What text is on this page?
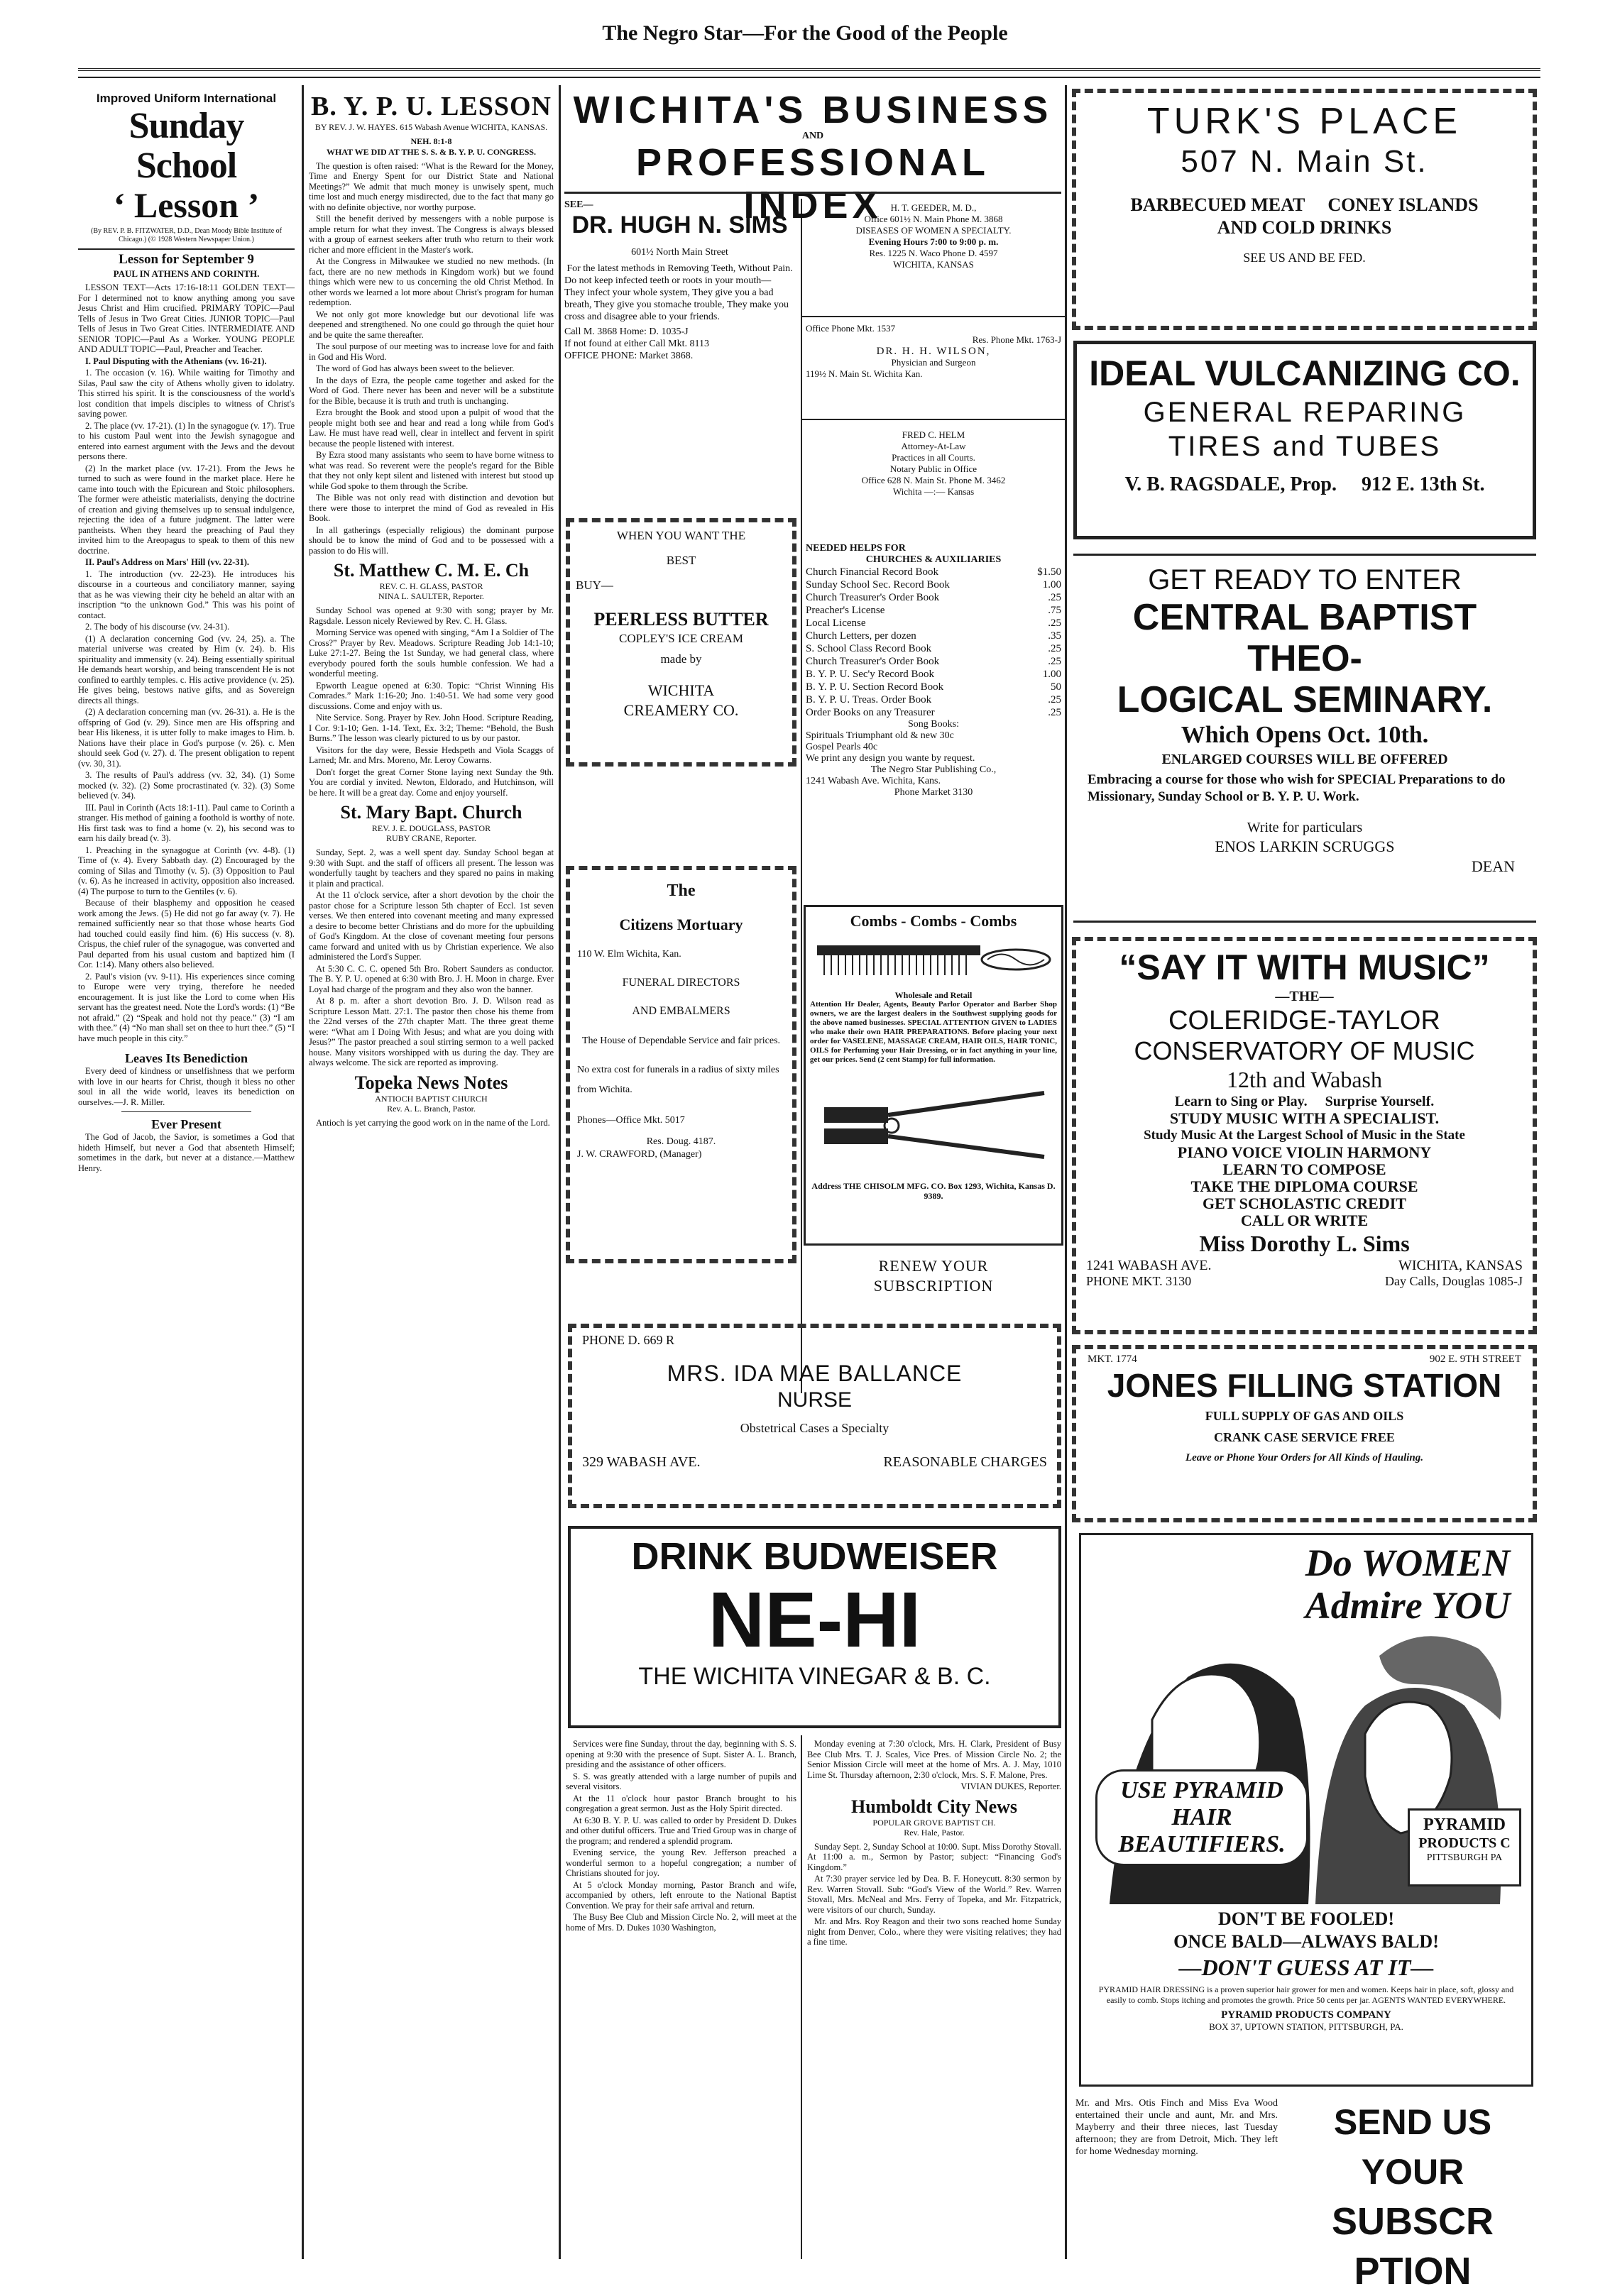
The Negro Star—For the Good of the People
Improved Uniform International
Sunday School
‘ Lesson ’
(By REV. P. B. FITZWATER, D.D., Dean Moody Bible Institute of Chicago.) (© 1928 Western Newspaper Union.)
Lesson for September 9
PAUL IN ATHENS AND CORINTH.

LESSON TEXT—Acts 17:16-18:11 GOLDEN TEXT—For I determined not to know anything among you save Jesus Christ and Him crucified. PRIMARY TOPIC—Paul Tells of Jesus in Two Great Cities. JUNIOR TOPIC—Paul Tells of Jesus in Two Great Cities. INTERMEDIATE AND SENIOR TOPIC—Paul As a Worker. YOUNG PEOPLE AND ADULT TOPIC—Paul, Preacher and Teacher.

I. Paul Disputing with the Athenians (vv. 16-21).

1. The occasion (v. 16). While waiting for Timothy and Silas, Paul saw the city of Athens wholly given to idolatry. This stirred his spirit. It is the consciousness of the world's lost condition that impels disciples to witness of Christ's saving power.

2. The place (vv. 17-21). (1) In the synagogue (v. 17). True to his custom Paul went into the Jewish synagogue and entered into earnest argument with the Jews and the devout persons there.

(2) In the market place (vv. 17-21). From the Jews he turned to such as were found in the market place. Here he came into touch with the Epicurean and Stoic philosophers. The former were atheistic materialists, denying the doctrine of creation and giving themselves up to sensual indulgence, rejecting the idea of a future judgment. The latter were pantheists. When they heard the preaching of Paul they invited him to the Areopagus to speak to them of this new doctrine.

II. Paul's Address on Mars' Hill (vv. 22-31).

1. The introduction (vv. 22-23). He introduces his discourse in a courteous and conciliatory manner, saying that as he was viewing their city he beheld an altar with an inscription “to the unknown God.” This was his point of contact.

2. The body of his discourse (vv. 24-31).

(1) A declaration concerning God (vv. 24, 25). a. The material universe was created by Him (v. 24). b. His spirituality and immensity (v. 24). Being essentially spiritual He demands heart worship, and being transcendent He is not confined to earthly temples. c. His active providence (v. 25). He gives being, bestows native gifts, and as Sovereign directs all things.

(2) A declaration concerning man (vv. 26-31). a. He is the offspring of God (v. 29). Since men are His offspring and bear His likeness, it is utter folly to make images to Him. b. Nations have their place in God's purpose (v. 26). c. Men should seek God (v. 27). d. The present obligation to repent (vv. 30, 31).

3. The results of Paul's address (vv. 32, 34). (1) Some mocked (v. 32). (2) Some procrastinated (v. 32). (3) Some believed (v. 34).

III. Paul in Corinth (Acts 18:1-11). Paul came to Corinth a stranger. His method of gaining a foothold is worthy of note. His first task was to find a home (v. 2), his second was to earn his daily bread (v. 3).

1. Preaching in the synagogue at Corinth (vv. 4-8). (1) Time of (v. 4). Every Sabbath day. (2) Encouraged by the coming of Silas and Timothy (v. 5). (3) Opposition to Paul (v. 6). As he increased in activity, opposition also increased. (4) The purpose to turn to the Gentiles (v. 6).

Because of their blasphemy and opposition he ceased work among the Jews. (5) He did not go far away (v. 7). He remained sufficiently near so that those whose hearts God had touched could easily find him. (6) His success (v. 8). Crispus, the chief ruler of the synagogue, was converted and Paul departed from his usual custom and baptized him (I Cor. 1:14). Many others also believed.

2. Paul's vision (vv. 9-11). His experiences since coming to Europe were very trying, therefore he needed encouragement. It is just like the Lord to come when His servant has the greatest need. Note the Lord's words: (1) “Be not afraid.” (2) “Speak and hold not thy peace.” (3) “I am with thee.” (4) “No man shall set on thee to hurt thee.” (5) “I have much people in this city.”

Leaves Its Benediction

Every deed of kindness or unselfishness that we perform with love in our hearts for Christ, though it bless no other soul in all the wide world, leaves its benediction on ourselves.—J. R. Miller.

Ever Present

The God of Jacob, the Savior, is sometimes a God that hideth Himself, but never a God that absenteth Himself; sometimes in the dark, but never at a distance.—Matthew Henry.

B. Y. P. U. LESSON
BY REV. J. W. HAYES. 615 Wabash Avenue WICHITA, KANSAS.
NEH. 8:1-8
WHAT WE DID AT THE S. S. & B. Y. P. U. CONGRESS.

The question is often raised: “What is the Reward for the Money, Time and Energy Spent for our District State and National Meetings?” We admit that much money is unwisely spent, much time lost and much energy misdirected, due to the fact that many go with no definite objective, nor worthy purpose.

Still the benefit derived by messengers with a noble purpose is ample return for what they invest. The Congress is always blessed with a group of earnest seekers after truth who return to their work richer and more efficient in the Master's work.

At the Congress in Milwaukee we studied no new methods. (In fact, there are no new methods in Kingdom work) but we found things which were new to us concerning the old Christ Method. In other words we learned a lot more about Christ's program for human redemption.

We not only got more knowledge but our devotional life was deepened and strengthened. No one could go through the quiet hour and be quite the same thereafter.

The soul purpose of our meeting was to increase love for and faith in God and His Word.

The word of God has always been sweet to the believer.

In the days of Ezra, the people came together and asked for the Word of God. There never has been and never will be a substitute for the Bible, because it is truth and truth is unchanging.

Ezra brought the Book and stood upon a pulpit of wood that the people might both see and hear and read a long while from God's Law. He must have read well, clear in intellect and fervent in spirit because the people listened with interest.

By Ezra stood many assistants who seem to have borne witness to what was read. So reverent were the people's regard for the Bible that they not only kept silent and listened with interest but stood up while God spoke to them through the Scribe.

The Bible was not only read with distinction and devotion but there were those to interpret the mind of God as revealed in His Book.

In all gatherings (especially religious) the dominant purpose should be to know the mind of God and to be possessed with a passion to do His will.

St. Matthew C. M. E. Ch
REV. C. H. GLASS, PASTOR
NINA L. SAULTER, Reporter.

Sunday School was opened at 9:30 with song; prayer by Mr. Ragsdale. Lesson nicely Reviewed by Rev. C. H. Glass.

Morning Service was opened with singing, “Am I a Soldier of The Cross?” Prayer by Rev. Meadows. Scripture Reading Job 14:1-10; Luke 27:1-27. Being the 1st Sunday, we had general class, where everybody poured forth the souls humble confession. We had a wonderful meeting.

Epworth League opened at 6:30. Topic: “Christ Winning His Comrades.” Mark 1:16-20; Jno. 1:40-51. We had some very good discussions. Come and enjoy with us.

Nite Service. Song. Prayer by Rev. John Hood. Scripture Reading, I Cor. 9:1-10; Gen. 1-14. Text, Ex. 3:2; Theme: “Behold, the Bush Burns.” The lesson was clearly pictured to us by our pastor.

Visitors for the day were, Bessie Hedspeth and Viola Scaggs of Larned; Mr. and Mrs. Moreno, Mr. Leroy Cowarns.

Don't forget the great Corner Stone laying next Sunday the 9th. You are cordial y invited. Newton, Eldorado, and Hutchinson, will be here. It will be a great day. Come and enjoy yourself.

St. Mary Bapt. Church
REV. J. E. DOUGLASS, PASTOR
RUBY CRANE, Reporter.

Sunday, Sept. 2, was a well spent day. Sunday School began at 9:30 with Supt. and the staff of officers all present. The lesson was wonderfully taught by teachers and they spared no pains in making it plain and practical.

At the 11 o'clock service, after a short devotion by the choir the pastor chose for a Scripture lesson 5th chapter of Eccl. 1st seven verses. We then entered into covenant meeting and many expressed a desire to become better Christians and do more for the upbuilding of God's Kingdom. At the close of covenant meeting four persons came forward and united with us by Christian experience. We also administered the Lord's Supper.

At 5:30 C. C. C. opened 5th Bro. Robert Saunders as conductor. The B. Y. P. U. opened at 6:30 with Bro. J. H. Moon in charge. Ever Loyal had charge of the program and they also won the banner.

At 8 p. m. after a short devotion Bro. J. D. Wilson read as Scripture Lesson Matt. 27:1. The pastor then chose his theme from the 22nd verses of the 27th chapter Matt. The three great theme were: “What am I Doing With Jesus; and what are you doing with Jesus?” The pastor preached a soul stirring sermon to a well packed house. Many visitors worshipped with us during the day. They are always welcome. The sick are reported as improving.

Topeka News Notes
ANTIOCH BAPTIST CHURCH
Rev. A. L. Branch, Pastor.

Antioch is yet carrying the good work on in the name of the Lord.

WICHITA'S BUSINESS
AND
PROFESSIONAL INDEX
SEE—
DR. HUGH N. SIMS
601½ North Main Street
For the latest methods in Removing Teeth, Without Pain.
Do not keep infected teeth or roots in your mouth—
They infect your whole system, They give you a bad breath, They give you stomache trouble, They make you cross and disagree able to your friends.
Call M. 3868 Home: D. 1035-J
If not found at either Call Mkt. 8113
OFFICE PHONE: Market 3868.
H. T. GEEDER, M. D.,
Office 601½ N. Main Phone M. 3868
DISEASES OF WOMEN A SPECIALTY.
Evening Hours 7:00 to 9:00 p. m.
Res. 1225 N. Waco Phone D. 4597
WICHITA, KANSAS
Office Phone Mkt. 1537
Res. Phone Mkt. 1763-J
DR. H. H. WILSON,
Physician and Surgeon
119½ N. Main St. Wichita Kan.
FRED C. HELM
Attorney-At-Law
Practices in all Courts.
Notary Public in Office
Office 628 N. Main St. Phone M. 3462
Wichita —:— Kansas
WHEN YOU WANT THE
BEST
BUY—
PEERLESS BUTTER
COPLEY'S ICE CREAM
made by
WICHITA
CREAMERY CO.
NEEDED HELPS FOR
CHURCHES & AUXILIARIES
Church Financial Record Book	$1.50
Sunday School Sec. Record Book	1.00
Church Treasurer's Order Book	.25
Preacher's License	.75
Local License	.25
Church Letters, per dozen	.35
S. School Class Record Book	.25
Church Treasurer's Order Book	.25
B. Y. P. U. Sec'y Record Book	1.00
B. Y. P. U. Section Record Book	50
B. Y. P. U. Treas. Order Book	.25
Order Books on any Treasurer	.25
Song Books:
Spirituals Triumphant old & new 30c
Gospel Pearls 40c
We print any design you wante by request.
The Negro Star Publishing Co.,
1241 Wabash Ave. Wichita, Kans.
Phone Market 3130
The
Citizens Mortuary
110 W. Elm Wichita, Kan.
FUNERAL DIRECTORS
AND EMBALMERS
The House of Dependable Service and fair prices.
No extra cost for funerals in a radius of sixty miles from Wichita.
Phones—Office Mkt. 5017
Res. Doug. 4187.
J. W. CRAWFORD, (Manager)
Combs - Combs - Combs
Wholesale and Retail
Attention Hr Dealer, Agents, Beauty Parlor Operator and Barber Shop owners, we are the largest dealers in the Southwest supplying goods for the above named businesses. SPECIAL ATTENTION GIVEN to LADIES who make their own HAIR PREPARATIONS. Before placing your next order for VASELENE, MASSAGE CREAM, HAIR OILS, HAIR TONIC, OILS for Perfuming your Hair Dressing, or in fact anything in your line, get our prices. Send (2 cent Stamp) for full information.
Address THE CHISOLM MFG. CO. Box 1293, Wichita, Kansas D. 9389.
RENEW YOUR
SUBSCRIPTION
PHONE D. 669 R
MRS. IDA MAE BALLANCE
NURSE
Obstetrical Cases a Specialty
329 WABASH AVE.	REASONABLE CHARGES
DRINK BUDWEISER
NE-HI
THE WICHITA VINEGAR & B. C.

Services were fine Sunday, throut the day, beginning with S. S. opening at 9:30 with the presence of Supt. Sister A. L. Branch, presiding and the assistance of other officers.

S. S. was greatly attended with a large number of pupils and several visitors.

At the 11 o'clock hour pastor Branch brought to his congregation a great sermon. Just as the Holy Spirit directed.

At 6:30 B. Y. P. U. was called to order by President D. Dukes and other dutiful officers. True and Tried Group was in charge of the program; and rendered a splendid program.

Evening service, the young Rev. Jefferson preached a wonderful sermon to a hopeful congregation; a number of Christians shouted for joy.

At 5 o'clock Monday morning, Pastor Branch and wife, accompanied by others, left enroute to the National Baptist Convention. We pray for their safe arrival and return.

The Busy Bee Club and Mission Circle No. 2, will meet at the home of Mrs. D. Dukes 1030 Washington,

Monday evening at 7:30 o'clock, Mrs. H. Clark, President of Busy Bee Club Mrs. T. J. Scales, Vice Pres. of Mission Circle No. 2; the Senior Mission Circle will meet at the home of Mrs. A. J. May, 1010 Lime St. Thursday afternoon, 2:30 o'clock, Mrs. S. F. Malone, Pres.

VIVIAN DUKES, Reporter.

Humboldt City News
POPULAR GROVE BAPTIST CH.
Rev. Hale, Pastor.

Sunday Sept. 2, Sunday School at 10:00. Supt. Miss Dorothy Stovall. At 11:00 a. m., Sermon by Pastor; subject: “Financing God's Kingdom.”

At 7:30 prayer service led by Dea. B. F. Honeycutt. 8:30 sermon by Rev. Warren Stovall. Sub: “God's View of the World.” Rev. Warren Stovall, Mrs. McNeal and Mrs. Ferry of Topeka, and Mr. Fitzpatrick, were visitors of our church, Sunday.

Mr. and Mrs. Roy Reagon and their two sons reached home Sunday night from Denver, Colo., where they were visiting relatives; they had a fine time.

TURK'S PLACE
507 N. Main St.
BARBECUED MEAT     CONEY ISLANDS
AND COLD DRINKS
SEE US AND BE FED.
IDEAL VULCANIZING CO.
GENERAL REPARING
TIRES and TUBES
V. B. RAGSDALE, Prop.     912 E. 13th St.
GET READY TO ENTER
CENTRAL BAPTIST THEO-
LOGICAL SEMINARY.
Which Opens Oct. 10th.
ENLARGED COURSES WILL BE OFFERED
Embracing a course for those who wish for SPECIAL Preparations to do Missionary, Sunday School or B. Y. P. U. Work.
Write for particulars
ENOS LARKIN SCRUGGS
DEAN
“SAY IT WITH MUSIC”
—THE—
COLERIDGE-TAYLOR
CONSERVATORY OF MUSIC
12th and Wabash
Learn to Sing or Play.     Surprise Yourself.
STUDY MUSIC WITH A SPECIALIST.
Study Music At the Largest School of Music in the State
PIANO VOICE VIOLIN HARMONY
LEARN TO COMPOSE
TAKE THE DIPLOMA COURSE
GET SCHOLASTIC CREDIT
CALL OR WRITE
Miss Dorothy L. Sims
1241 WABASH AVE.	WICHITA, KANSAS
PHONE MKT. 3130	Day Calls, Douglas 1085-J
MKT. 1774	902 E. 9TH STREET
JONES FILLING STATION
FULL SUPPLY OF GAS AND OILS
CRANK CASE SERVICE FREE
Leave or Phone Your Orders for All Kinds of Hauling.
Do WOMEN
Admire YOU
USE PYRAMID HAIR BEAUTIFIERS.
PYRAMID
PRODUCTS C
PITTSBURGH PA
DON'T BE FOOLED!
ONCE BALD—ALWAYS BALD!
—DON'T GUESS AT IT—
PYRAMID HAIR DRESSING is a proven superior hair grower for men and women. Keeps hair in place, soft, glossy and easily to comb. Stops itching and promotes the growth. Price 50 cents per jar. AGENTS WANTED EVERYWHERE.
PYRAMID PRODUCTS COMPANY
BOX 37, UPTOWN STATION, PITTSBURGH, PA.
Mr. and Mrs. Otis Finch and Miss Eva Wood entertained their uncle and aunt, Mr. and Mrs. Mayberry and their three nieces, last Tuesday afternoon; they are from Detroit, Mich. They left for home Wednesday morning.
SEND US YOUR
SUBSCR PTION
